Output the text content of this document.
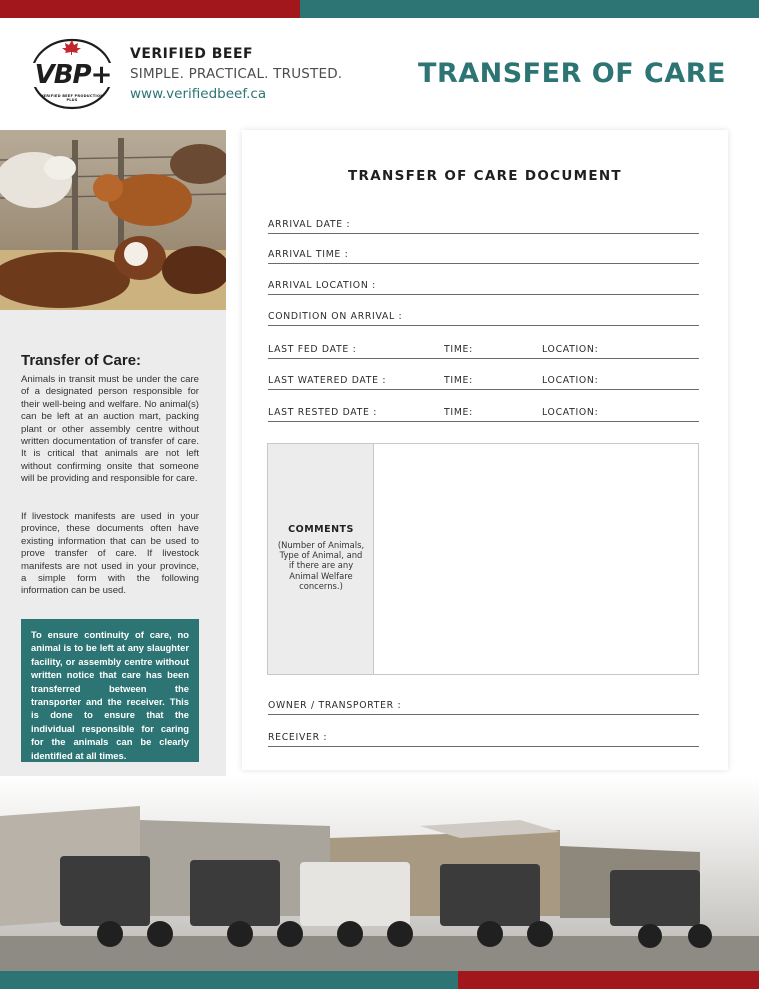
VBP+
VERIFIED BEEF PRODUCTION PLUS
VERIFIED BEEF
SIMPLE. PRACTICAL. TRUSTED.
www.verifiedbeef.ca
TRANSFER OF CARE
Transfer of Care:
Animals in transit must be under the care of a designated person responsible for their well-being and welfare. No animal(s) can be left at an auction mart, packing plant or other assembly centre without written documentation of transfer of care. It is critical that animals are not left without confirming onsite that someone will be providing and responsible for care.
If livestock manifests are used in your province, these documents often have existing information that can be used to prove transfer of care. If livestock manifests are not used in your province, a simple form with the following information can be used.
To ensure continuity of care, no animal is to be left at any slaughter facility, or assembly centre without written notice that care has been transferred between the transporter and the receiver. This is done to ensure that the individual responsible for caring for the animals can be clearly identified at all times.
TRANSFER OF CARE DOCUMENT
ARRIVAL DATE :
ARRIVAL TIME :
ARRIVAL LOCATION :
CONDITION ON ARRIVAL :
LAST FED DATE :	TIME:	LOCATION:
LAST WATERED DATE :	TIME:	LOCATION:
LAST RESTED DATE :	TIME:	LOCATION:
COMMENTS
(Number of Animals, Type of Animal, and if there are any Animal Welfare concerns.)
OWNER / TRANSPORTER :
RECEIVER :
